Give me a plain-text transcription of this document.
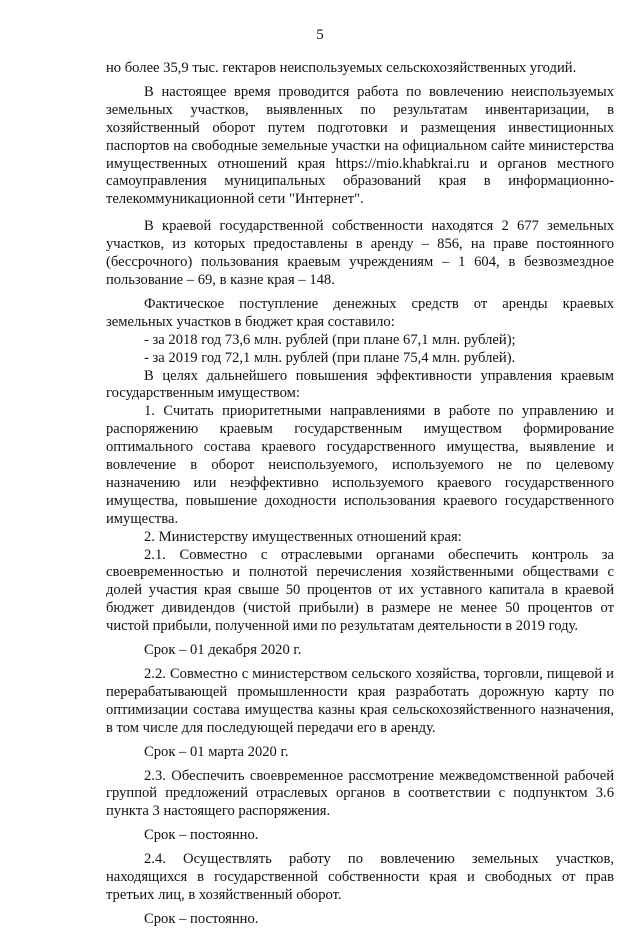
5

но более 35,9 тыс. гектаров неиспользуемых сельскохозяйственных угодий.

В настоящее время проводится работа по вовлечению неиспользуемых земельных участков, выявленных по результатам инвентаризации, в хозяйственный оборот путем подготовки и размещения инвестиционных паспортов на свободные земельные участки на официальном сайте министерства имущественных отношений края https://mio.khabkrai.ru и органов местного самоуправления муниципальных образований края в информационно-телекоммуникационной сети "Интернет".

В краевой государственной собственности находятся 2 677 земельных участков, из которых предоставлены в аренду – 856, на праве постоянного (бессрочного) пользования краевым учреждениям – 1 604, в безвозмездное пользование – 69, в казне края – 148.

Фактическое поступление денежных средств от аренды краевых земельных участков в бюджет края составило:

- за 2018 год 73,6 млн. рублей (при плане 67,1 млн. рублей);

- за 2019 год 72,1 млн. рублей (при плане 75,4 млн. рублей).

В целях дальнейшего повышения эффективности управления краевым государственным имуществом:

1. Считать приоритетными направлениями в работе по управлению и распоряжению краевым государственным имуществом формирование оптимального состава краевого государственного имущества, выявление и вовлечение в оборот неиспользуемого, используемого не по целевому назначению или неэффективно используемого краевого государственного имущества, повышение доходности использования краевого государственного имущества.

2. Министерству имущественных отношений края:

2.1. Совместно с отраслевыми органами обеспечить контроль за своевременностью и полнотой перечисления хозяйственными обществами с долей участия края свыше 50 процентов от их уставного капитала в краевой бюджет дивидендов (чистой прибыли) в размере не менее 50 процентов от чистой прибыли, полученной ими по результатам деятельности в 2019 году.

Срок – 01 декабря 2020 г.

2.2. Совместно с министерством сельского хозяйства, торговли, пищевой и перерабатывающей промышленности края разработать дорожную карту по оптимизации состава имущества казны края сельскохозяйственного назначения, в том числе для последующей передачи его в аренду.

Срок – 01 марта 2020 г.

2.3. Обеспечить своевременное рассмотрение межведомственной рабочей группой предложений отраслевых органов в соответствии с подпунктом 3.6 пункта 3 настоящего распоряжения.

Срок – постоянно.

2.4. Осуществлять работу по вовлечению земельных участков, находящихся в государственной собственности края и свободных от прав третьих лиц, в хозяйственный оборот.

Срок – постоянно.
